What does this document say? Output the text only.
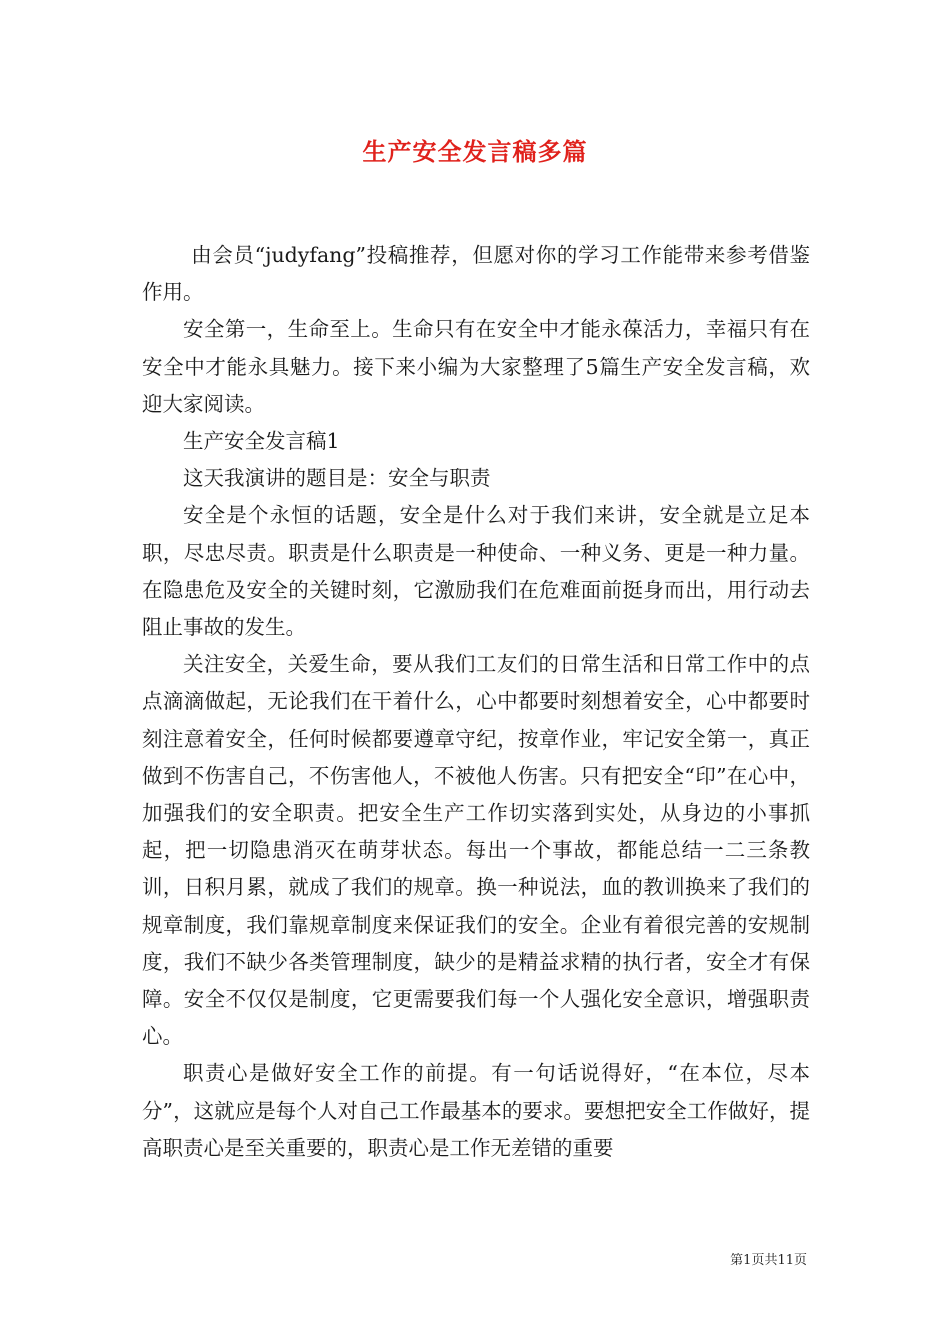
生产安全发言稿多篇

由会员“judyfang”投稿推荐，但愿对你的学习工作能带来参考借鉴作用。

安全第一，生命至上。生命只有在安全中才能永葆活力，幸福只有在安全中才能永具魅力。接下来小编为大家整理了5篇生产安全发言稿，欢迎大家阅读。

生产安全发言稿1

这天我演讲的题目是：安全与职责

安全是个永恒的话题，安全是什么对于我们来讲，安全就是立足本职，尽忠尽责。职责是什么职责是一种使命、一种义务、更是一种力量。在隐患危及安全的关键时刻，它激励我们在危难面前挺身而出，用行动去阻止事故的发生。

关注安全，关爱生命，要从我们工友们的日常生活和日常工作中的点点滴滴做起，无论我们在干着什么，心中都要时刻想着安全，心中都要时刻注意着安全，任何时候都要遵章守纪，按章作业，牢记安全第一，真正做到不伤害自己，不伤害他人，不被他人伤害。只有把安全“印”在心中，加强我们的安全职责。把安全生产工作切实落到实处，从身边的小事抓起，把一切隐患消灭在萌芽状态。每出一个事故，都能总结一二三条教训，日积月累，就成了我们的规章。换一种说法，血的教训换来了我们的规章制度，我们靠规章制度来保证我们的安全。企业有着很完善的安规制度，我们不缺少各类管理制度，缺少的是精益求精的执行者，安全才有保障。安全不仅仅是制度，它更需要我们每一个人强化安全意识，增强职责心。

职责心是做好安全工作的前提。有一句话说得好，“在本位，尽本分”，这就应是每个人对自己工作最基本的要求。要想把安全工作做好，提高职责心是至关重要的，职责心是工作无差错的重要

第1页共11页
